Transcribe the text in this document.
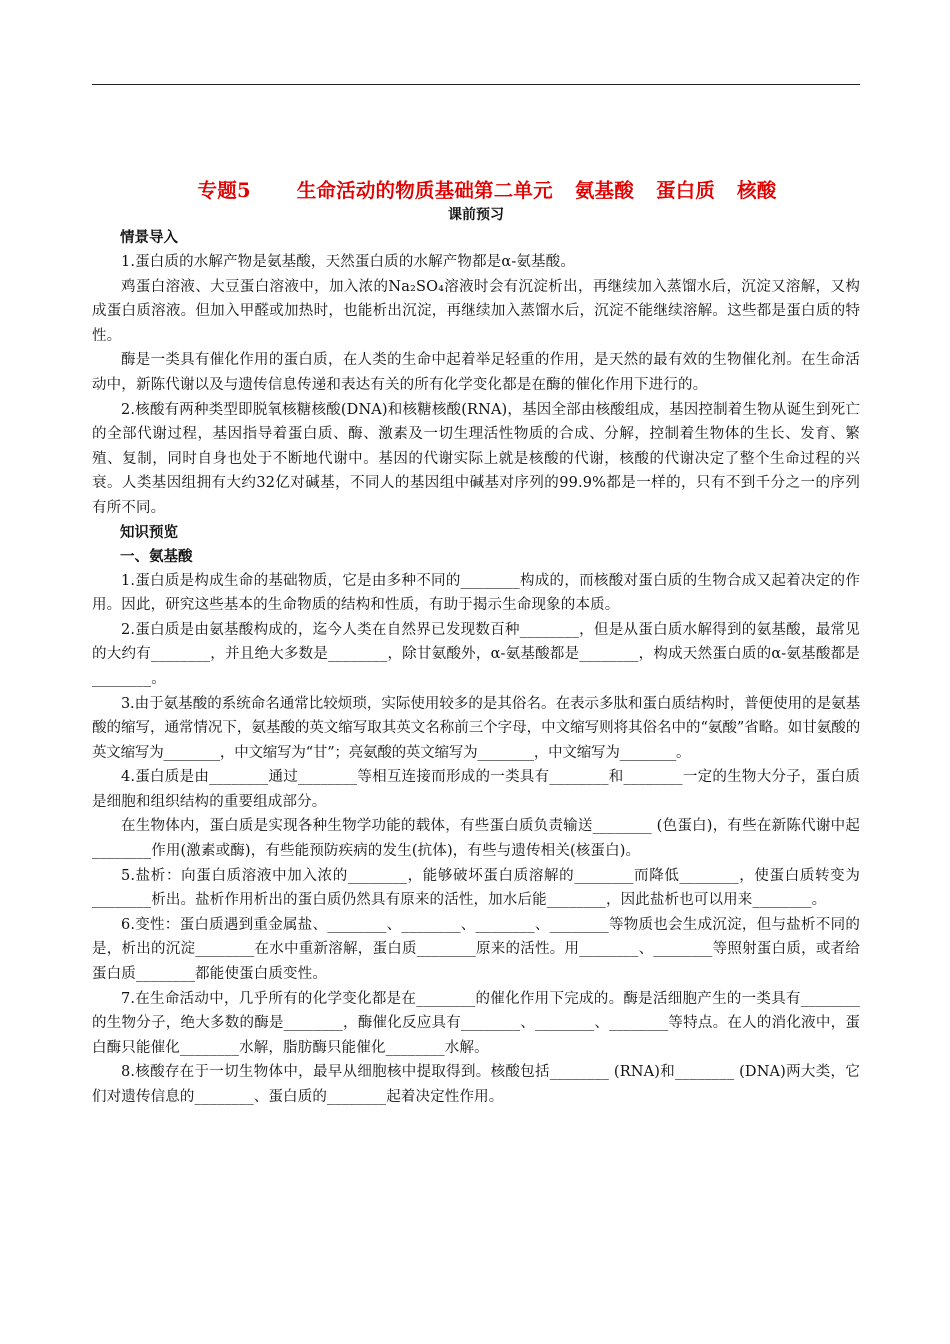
专题5 生命活动的物质基础第二单元 氨基酸 蛋白质 核酸
课前预习
情景导入

1.蛋白质的水解产物是氨基酸，天然蛋白质的水解产物都是α-氨基酸。

鸡蛋白溶液、大豆蛋白溶液中，加入浓的Na₂SO₄溶液时会有沉淀析出，再继续加入蒸馏水后，沉淀又溶解，又构成蛋白质溶液。但加入甲醛或加热时，也能析出沉淀，再继续加入蒸馏水后，沉淀不能继续溶解。这些都是蛋白质的特性。

酶是一类具有催化作用的蛋白质，在人类的生命中起着举足轻重的作用，是天然的最有效的生物催化剂。在生命活动中，新陈代谢以及与遗传信息传递和表达有关的所有化学变化都是在酶的催化作用下进行的。

2.核酸有两种类型即脱氧核糖核酸(DNA)和核糖核酸(RNA)，基因全部由核酸组成，基因控制着生物从诞生到死亡的全部代谢过程，基因指导着蛋白质、酶、激素及一切生理活性物质的合成、分解，控制着生物体的生长、发育、繁殖、复制，同时自身也处于不断地代谢中。基因的代谢实际上就是核酸的代谢，核酸的代谢决定了整个生命过程的兴衰。人类基因组拥有大约32亿对碱基，不同人的基因组中碱基对序列的99.9%都是一样的，只有不到千分之一的序列有所不同。

知识预览
一、氨基酸

1.蛋白质是构成生命的基础物质，它是由多种不同的________构成的，而核酸对蛋白质的生物合成又起着决定的作用。因此，研究这些基本的生命物质的结构和性质，有助于揭示生命现象的本质。

2.蛋白质是由氨基酸构成的，迄今人类在自然界已发现数百种________，但是从蛋白质水解得到的氨基酸，最常见的大约有________，并且绝大多数是________，除甘氨酸外，α-氨基酸都是________，构成天然蛋白质的α-氨基酸都是________。

3.由于氨基酸的系统命名通常比较烦琐，实际使用较多的是其俗名。在表示多肽和蛋白质结构时，普便使用的是氨基酸的缩写，通常情况下，氨基酸的英文缩写取其英文名称前三个字母，中文缩写则将其俗名中的“氨酸”省略。如甘氨酸的英文缩写为________，中文缩写为“甘”；亮氨酸的英文缩写为________，中文缩写为________。

4.蛋白质是由________通过________等相互连接而形成的一类具有________和________一定的生物大分子，蛋白质是细胞和组织结构的重要组成部分。

在生物体内，蛋白质是实现各种生物学功能的载体，有些蛋白质负责输送________ (色蛋白)，有些在新陈代谢中起________作用(激素或酶)，有些能预防疾病的发生(抗体)，有些与遗传相关(核蛋白)。

5.盐析：向蛋白质溶液中加入浓的________，能够破坏蛋白质溶解的________而降低________，使蛋白质转变为________析出。盐析作用析出的蛋白质仍然具有原来的活性，加水后能________，因此盐析也可以用来________。

6.变性：蛋白质遇到重金属盐、________、________、________、________等物质也会生成沉淀，但与盐析不同的是，析出的沉淀________在水中重新溶解，蛋白质________原来的活性。用________、________等照射蛋白质，或者给蛋白质________都能使蛋白质变性。

7.在生命活动中，几乎所有的化学变化都是在________的催化作用下完成的。酶是活细胞产生的一类具有________的生物分子，绝大多数的酶是________，酶催化反应具有________、________、________等特点。在人的消化液中，蛋白酶只能催化________水解，脂肪酶只能催化________水解。

8.核酸存在于一切生物体中，最早从细胞核中提取得到。核酸包括________ (RNA)和________ (DNA)两大类，它们对遗传信息的________、蛋白质的________起着决定性作用。
